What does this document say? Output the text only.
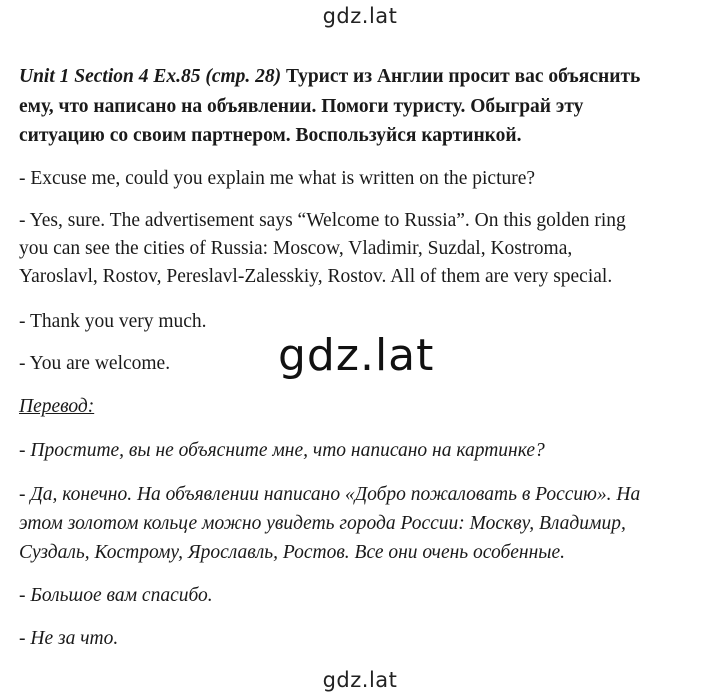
gdz.lat
Unit 1 Section 4 Ex.85 (стр. 28) Турист из Англии просит вас объяснить
ему, что написано на объявлении. Помоги туристу. Обыграй эту
ситуацию со своим партнером. Воспользуйся картинкой.
- Excuse me, could you explain me what is written on the picture?
- Yes, sure. The advertisement says “Welcome to Russia”. On this golden ring
you can see the cities of Russia: Moscow, Vladimir, Suzdal, Kostroma,
Yaroslavl, Rostov, Pereslavl-Zalesskiy, Rostov. All of them are very special.
- Thank you very much.
- You are welcome. gdz.lat
Перевод:
- Простите, вы не объясните мне, что написано на картинке?
- Да, конечно. На объявлении написано «Добро пожаловать в Россию». На
этом золотом кольце можно увидеть города России: Москву, Владимир,
Суздаль, Кострому, Ярославль, Ростов. Все они очень особенные.
- Большое вам спасибо.
- Не за что.
gdz.lat
